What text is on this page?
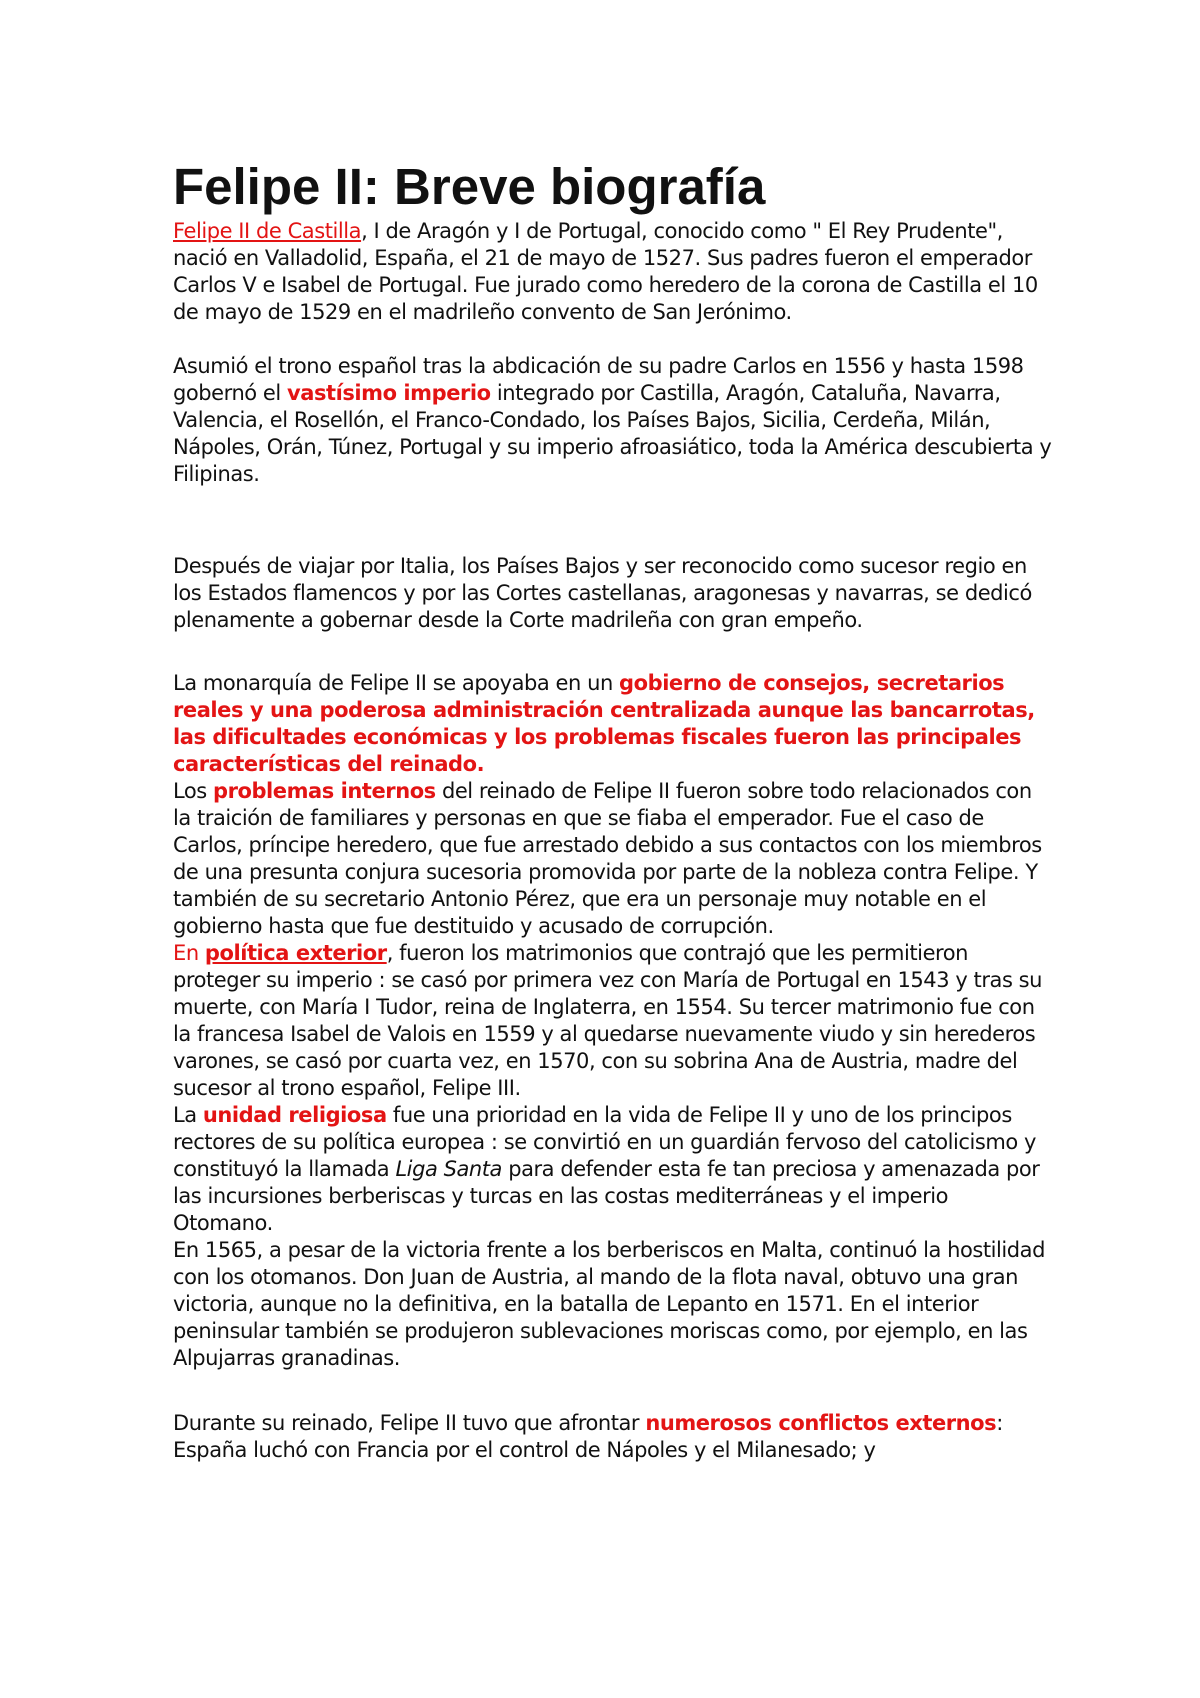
Felipe II: Breve biografía

Felipe II de Castilla, I de Aragón y I de Portugal, conocido como " El Rey Prudente", nació en Valladolid, España, el 21 de mayo de 1527. Sus padres fueron el emperador Carlos V e Isabel de Portugal. Fue jurado como heredero de la corona de Castilla el 10 de mayo de 1529 en el madrileño convento de San Jerónimo.

Asumió el trono español tras la abdicación de su padre Carlos en 1556 y hasta 1598 gobernó el vastísimo imperio integrado por Castilla, Aragón, Cataluña, Navarra, Valencia, el Rosellón, el Franco-Condado, los Países Bajos, Sicilia, Cerdeña, Milán, Nápoles, Orán, Túnez, Portugal y su imperio afroasiático, toda la América descubierta y Filipinas.

Después de viajar por Italia, los Países Bajos y ser reconocido como sucesor regio en los Estados flamencos y por las Cortes castellanas, aragonesas y navarras, se dedicó plenamente a gobernar desde la Corte madrileña con gran empeño.

La monarquía de Felipe II se apoyaba en un gobierno de consejos, secretarios reales y una poderosa administración centralizada aunque las bancarrotas, las dificultades económicas y los problemas fiscales fueron las principales características del reinado.

Los problemas internos del reinado de Felipe II fueron sobre todo relacionados con la traición de familiares y personas en que se fiaba el emperador. Fue el caso de Carlos, príncipe heredero, que fue arrestado debido a sus contactos con los miembros de una presunta conjura sucesoria promovida por parte de la nobleza contra Felipe. Y también de su secretario Antonio Pérez, que era un personaje muy notable en el gobierno hasta que fue destituido y acusado de corrupción.

En política exterior, fueron los matrimonios que contrajó que les permitieron proteger su imperio : se casó por primera vez con María de Portugal en 1543 y tras su muerte, con María I Tudor, reina de Inglaterra, en 1554. Su tercer matrimonio fue con la francesa Isabel de Valois en 1559 y al quedarse nuevamente viudo y sin herederos varones, se casó por cuarta vez, en 1570, con su sobrina Ana de Austria, madre del sucesor al trono español, Felipe III.

La unidad religiosa fue una prioridad en la vida de Felipe II y uno de los principos rectores de su política europea : se convirtió en un guardián fervoso del catolicismo y constituyó la llamada Liga Santa para defender esta fe tan preciosa y amenazada por las incursiones berberiscas y turcas en las costas mediterráneas y el imperio Otomano.

En 1565, a pesar de la victoria frente a los berberiscos en Malta, continuó la hostilidad con los otomanos. Don Juan de Austria, al mando de la flota naval, obtuvo una gran victoria, aunque no la definitiva, en la batalla de Lepanto en 1571. En el interior peninsular también se produjeron sublevaciones moriscas como, por ejemplo, en las Alpujarras granadinas.

Durante su reinado, Felipe II tuvo que afrontar numerosos conflictos externos: España luchó con Francia por el control de Nápoles y el Milanesado; y
